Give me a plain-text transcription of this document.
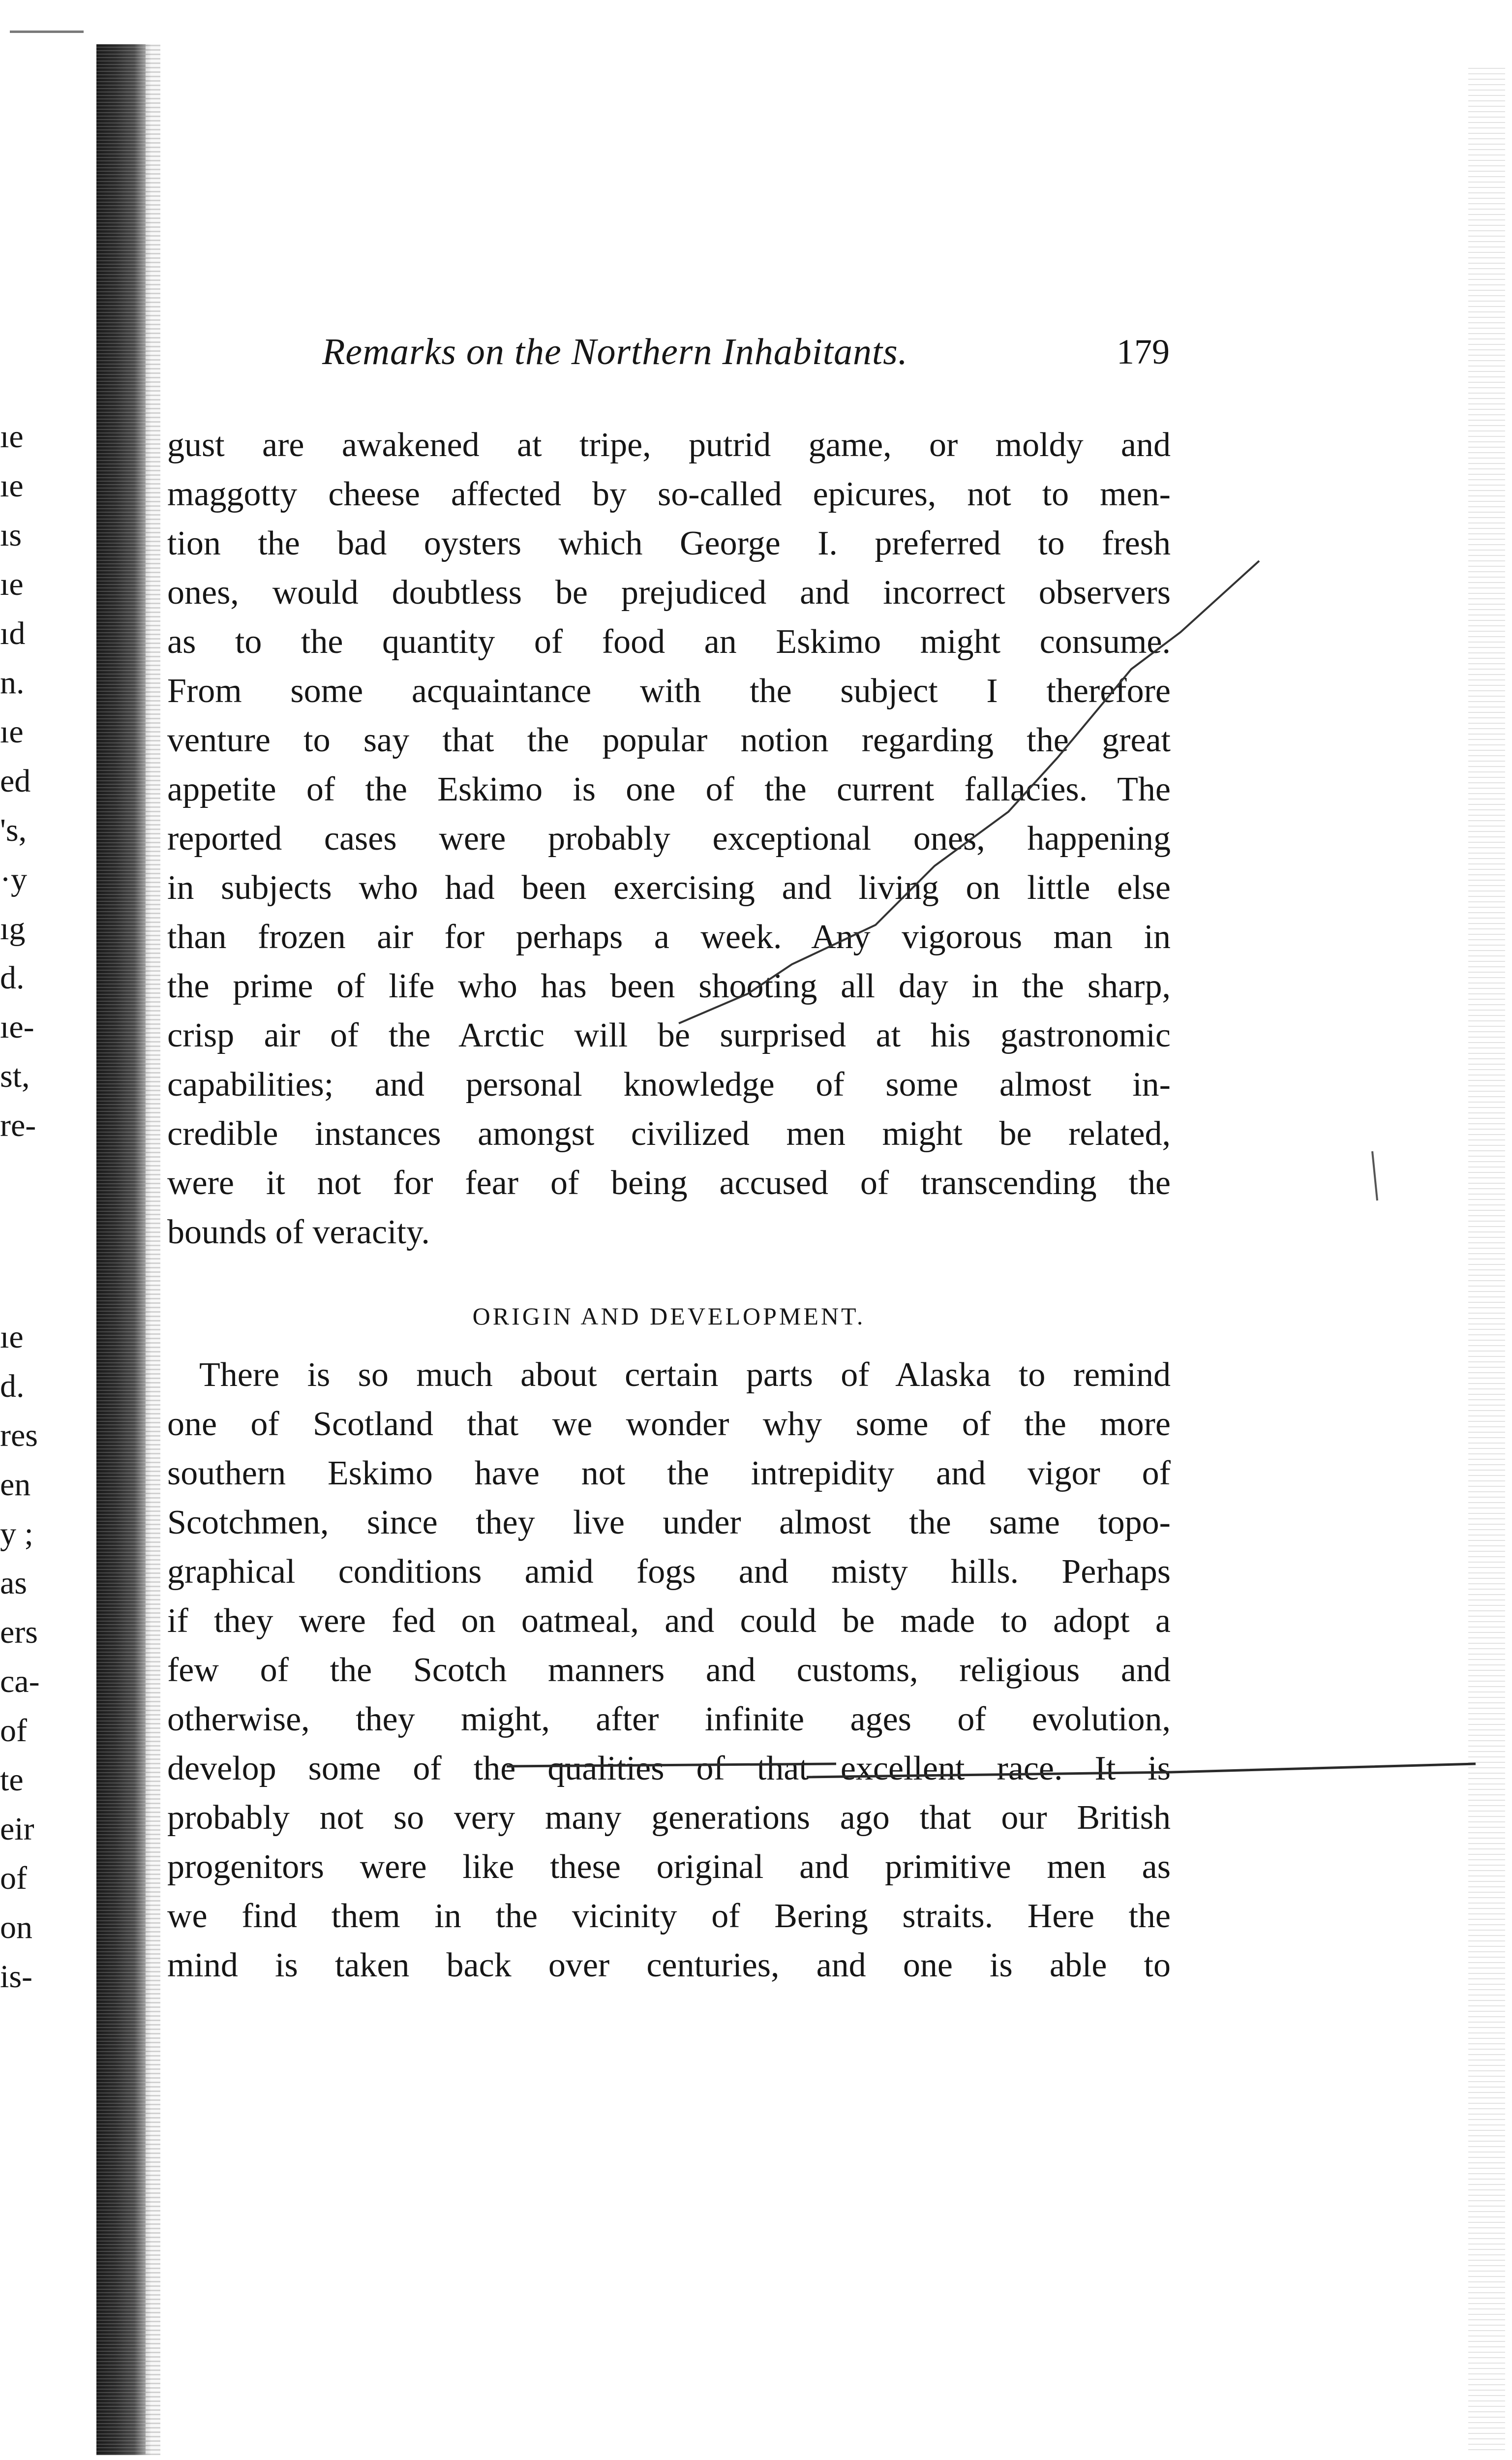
ıe
ıe
ıs
ıe
ıd
n.
ıe
ed
's,
·y
ıg
d.
ıe-
st,
re-
ıe
d.
res
en
y ;
as
ers
ca-
of
te
eir
of
on
is-
Remarks on the Northern Inhabitants.	179
gust are awakened at tripe, putrid game, or moldy and
maggotty cheese affected by so-called epicures, not to men-
tion the bad oysters which George I. preferred to fresh
ones, would doubtless be prejudiced and incorrect observers
as to the quantity of food an Eskimo might consume.
From some acquaintance with the subject I therefore
venture to say that the popular notion regarding the great
appetite of the Eskimo is one of the current fallacies. The
reported cases were probably exceptional ones, happening
in subjects who had been exercising and living on little else
than frozen air for perhaps a week. Any vigorous man in
the prime of life who has been shooting all day in the sharp,
crisp air of the Arctic will be surprised at his gastronomic
capabilities; and personal knowledge of some almost in-
credible instances amongst civilized men might be related,
were it not for fear of being accused of transcending the
bounds of veracity.
ORIGIN AND DEVELOPMENT.
There is so much about certain parts of Alaska to remind
one of Scotland that we wonder why some of the more
southern Eskimo have not the intrepidity and vigor of
Scotchmen, since they live under almost the same topo-
graphical conditions amid fogs and misty hills. Perhaps
if they were fed on oatmeal, and could be made to adopt a
few of the Scotch manners and customs, religious and
otherwise, they might, after infinite ages of evolution,
develop some of the qualities of that excellent race. It is
probably not so very many generations ago that our British
progenitors were like these original and primitive men as
we find them in the vicinity of Bering straits. Here the
mind is taken back over centuries, and one is able to
